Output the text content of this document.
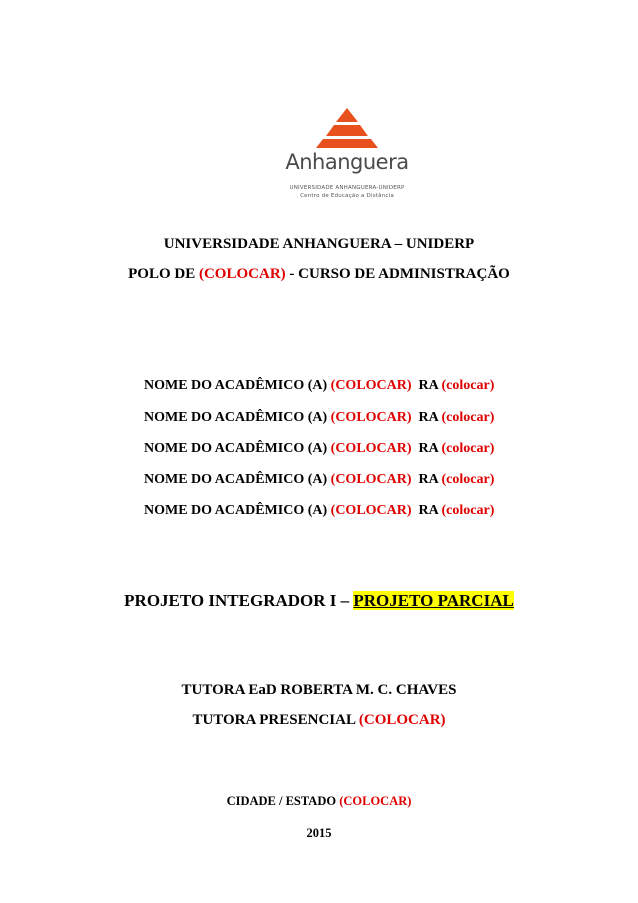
Anhanguera
UNIVERSIDADE ANHANGUERA-UNIDERP
Centro de Educação a Distância
UNIVERSIDADE ANHANGUERA – UNIDERP
POLO DE (COLOCAR) - CURSO DE ADMINISTRAÇÃO
NOME DO ACADÊMICO (A) (COLOCAR) RA (colocar)
NOME DO ACADÊMICO (A) (COLOCAR) RA (colocar)
NOME DO ACADÊMICO (A) (COLOCAR) RA (colocar)
NOME DO ACADÊMICO (A) (COLOCAR) RA (colocar)
NOME DO ACADÊMICO (A) (COLOCAR) RA (colocar)
PROJETO INTEGRADOR I – PROJETO PARCIAL
TUTORA EaD ROBERTA M. C. CHAVES
TUTORA PRESENCIAL (COLOCAR)
CIDADE / ESTADO (COLOCAR)
2015
